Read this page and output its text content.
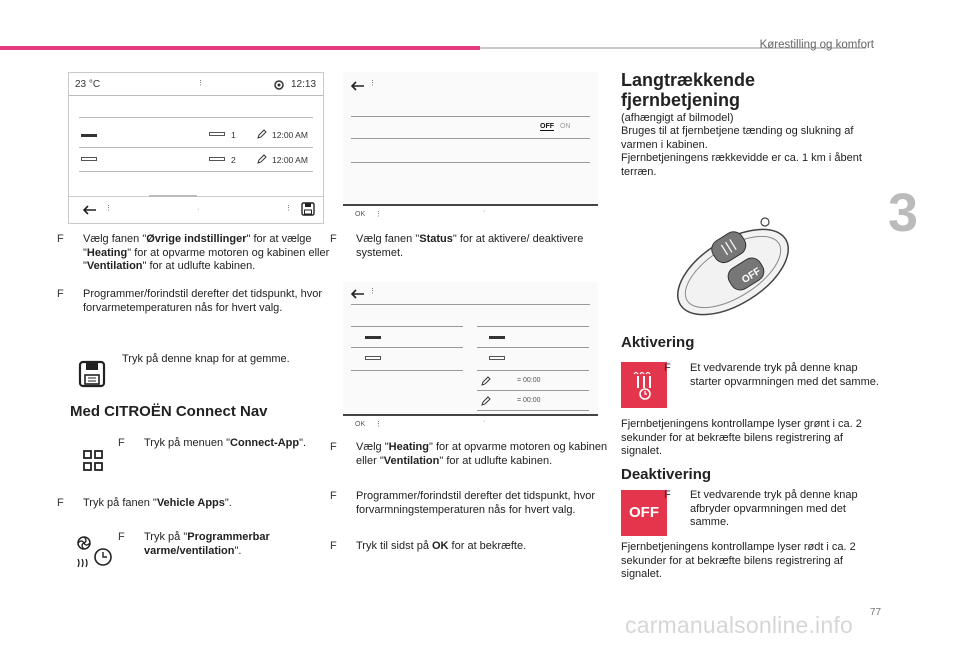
Kørestilling og komfort
3
23 °C	⋮	12:13
1	12:00 AM
2	12:00 AM
⋮	·	⋮
⋮
OFF ON
OK ⋮	·
⋮
= 00:00
= 00:00
OK ⋮	·
F Vælg fanen "Øvrige indstillinger" for at vælge "Heating" for at opvarme motoren og kabinen eller "Ventilation" for at udlufte kabinen.
F Programmer/forindstil derefter det tidspunkt, hvor forvarmetemperaturen nås for hvert valg.
Tryk på denne knap for at gemme.
Med CITROËN Connect Nav
F Tryk på menuen "Connect-App".
F Tryk på fanen "Vehicle Apps".
F Tryk på "Programmerbar varme/ventilation".
F Vælg fanen "Status" for at aktivere/ deaktivere systemet.
F Vælg "Heating" for at opvarme motoren og kabinen eller "Ventilation" for at udlufte kabinen.
F Programmer/forindstil derefter det tidspunkt, hvor forvarmningstemperaturen nås for hvert valg.
F Tryk til sidst på OK for at bekræfte.
Langtrækkende fjernbetjening
(afhængigt af bilmodel)
Bruges til at fjernbetjene tænding og slukning af varmen i kabinen.
Fjernbetjeningens rækkevidde er ca. 1 km i åbent terræn.
OFF
Aktivering
F Et vedvarende tryk på denne knap starter opvarmningen med det samme.
Fjernbetjeningens kontrollampe lyser grønt i ca. 2 sekunder for at bekræfte bilens registrering af signalet.
Deaktivering
OFF
F Et vedvarende tryk på denne knap afbryder opvarmningen med det samme.
Fjernbetjeningens kontrollampe lyser rødt i ca. 2 sekunder for at bekræfte bilens registrering af signalet.
carmanualsonline.info 77
